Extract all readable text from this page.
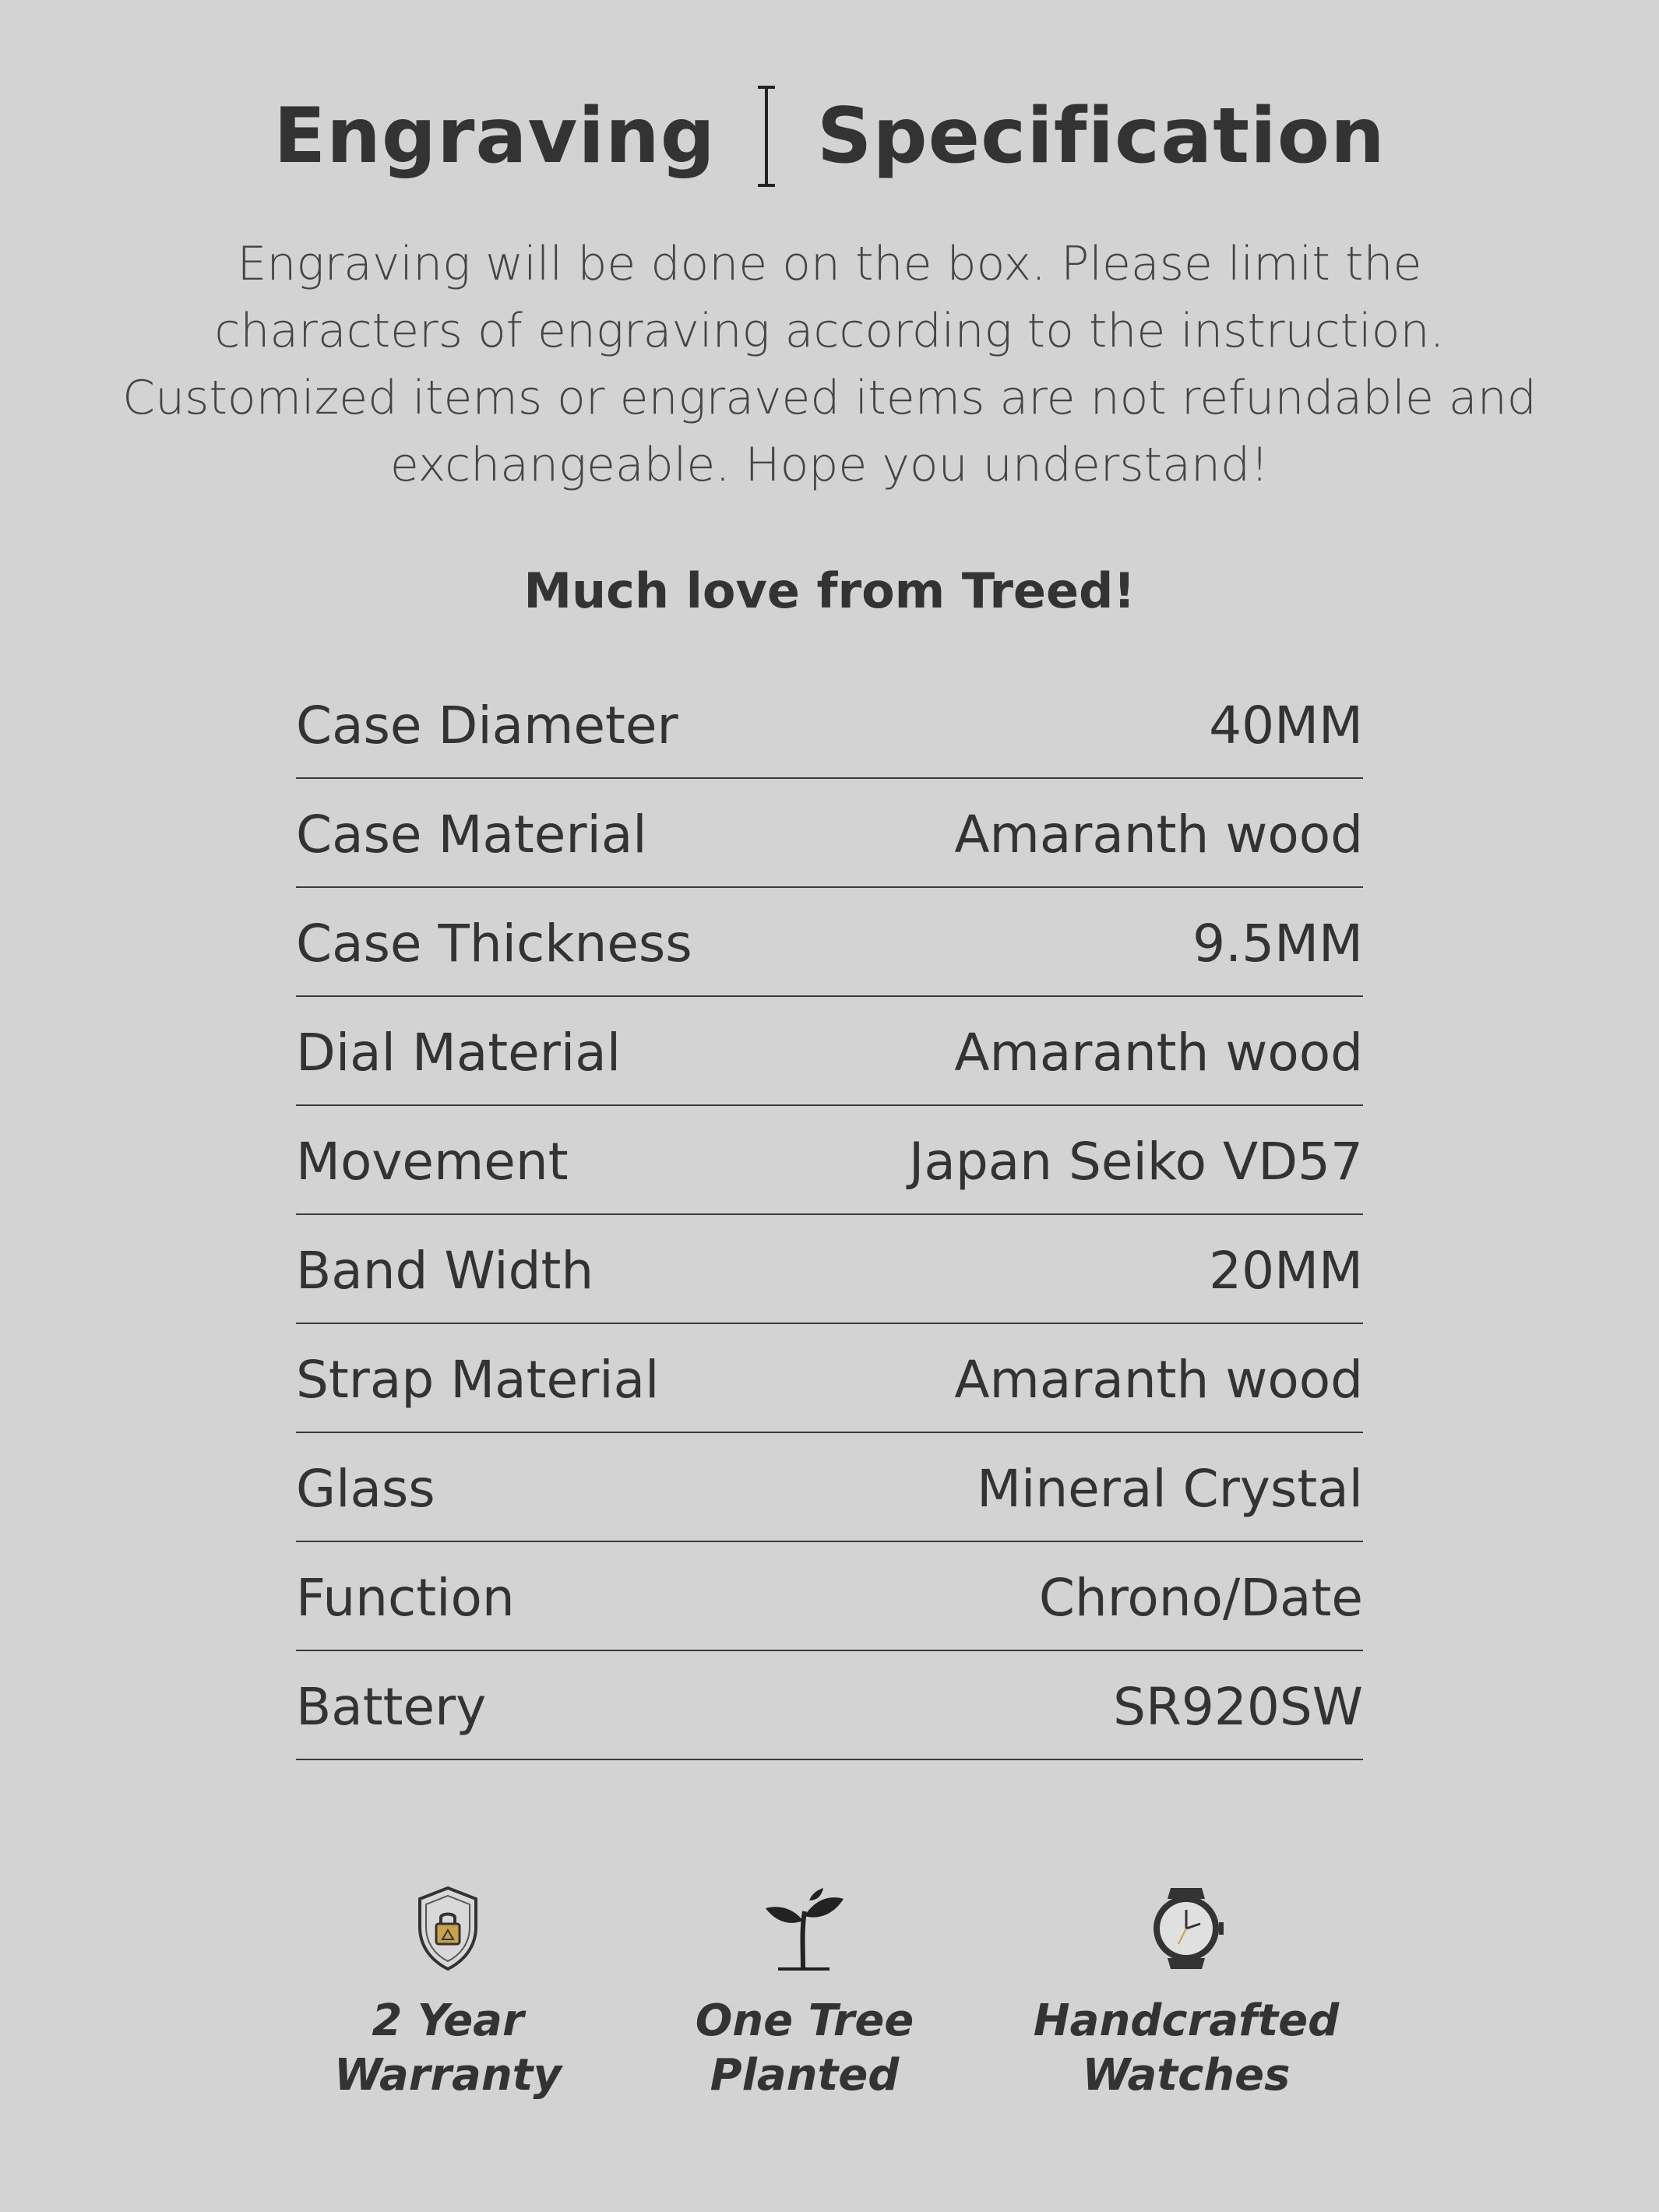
Engraving Specification
Engraving will be done on the box. Please limit the
characters of engraving according to the instruction.
Customized items or engraved items are not refundable and
exchangeable. Hope you understand!
Much love from Treed!
Case Diameter	40MM
Case Material	Amaranth wood
Case Thickness	9.5MM
Dial Material	Amaranth wood
Movement	Japan Seiko VD57
Band Width	20MM
Strap Material	Amaranth wood
Glass	Mineral Crystal
Function	Chrono/Date
Battery	SR920SW
2 Year
Warranty
One Tree
Planted
Handcrafted
Watches
